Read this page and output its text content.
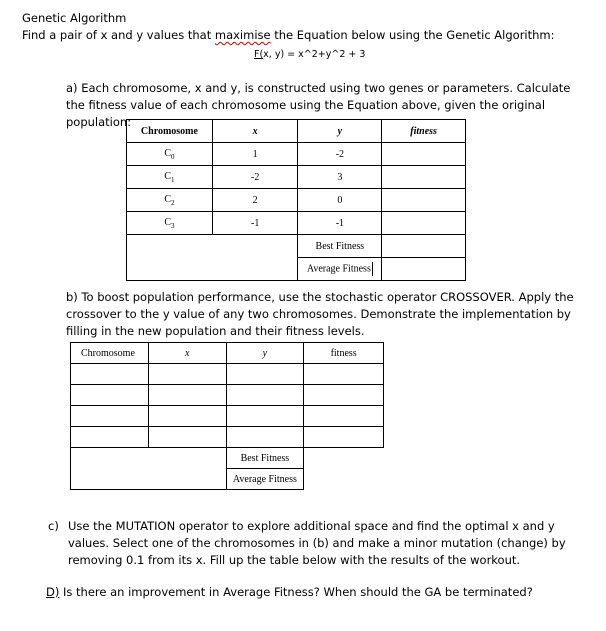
Genetic Algorithm
Find a pair of x and y values that maximise the Equation below using the Genetic Algorithm:
F(x, y) = x^2+y^2 + 3
a) Each chromosome, x and y, is constructed using two genes or parameters. Calculate the fitness value of each chromosome using the Equation above, given the original population:
Chromosome	x	y	fitness
$C_0$	1	-2	
$C_1$	-2	3	
$C_2$	2	0	
$C_3$	-1	-1	
		Best Fitness	
		Average Fitness	
b) To boost population performance, use the stochastic operator CROSSOVER. Apply the crossover to the y value of any two chromosomes. Demonstrate the implementation by filling in the new population and their fitness levels.
Chromosome	x	y	fitness

		Best Fitness	
		Average Fitness	
c) Use the MUTATION operator to explore additional space and find the optimal x and y values. Select one of the chromosomes in (b) and make a minor mutation (change) by removing 0.1 from its x. Fill up the table below with the results of the workout.
D) Is there an improvement in Average Fitness? When should the GA be terminated?
